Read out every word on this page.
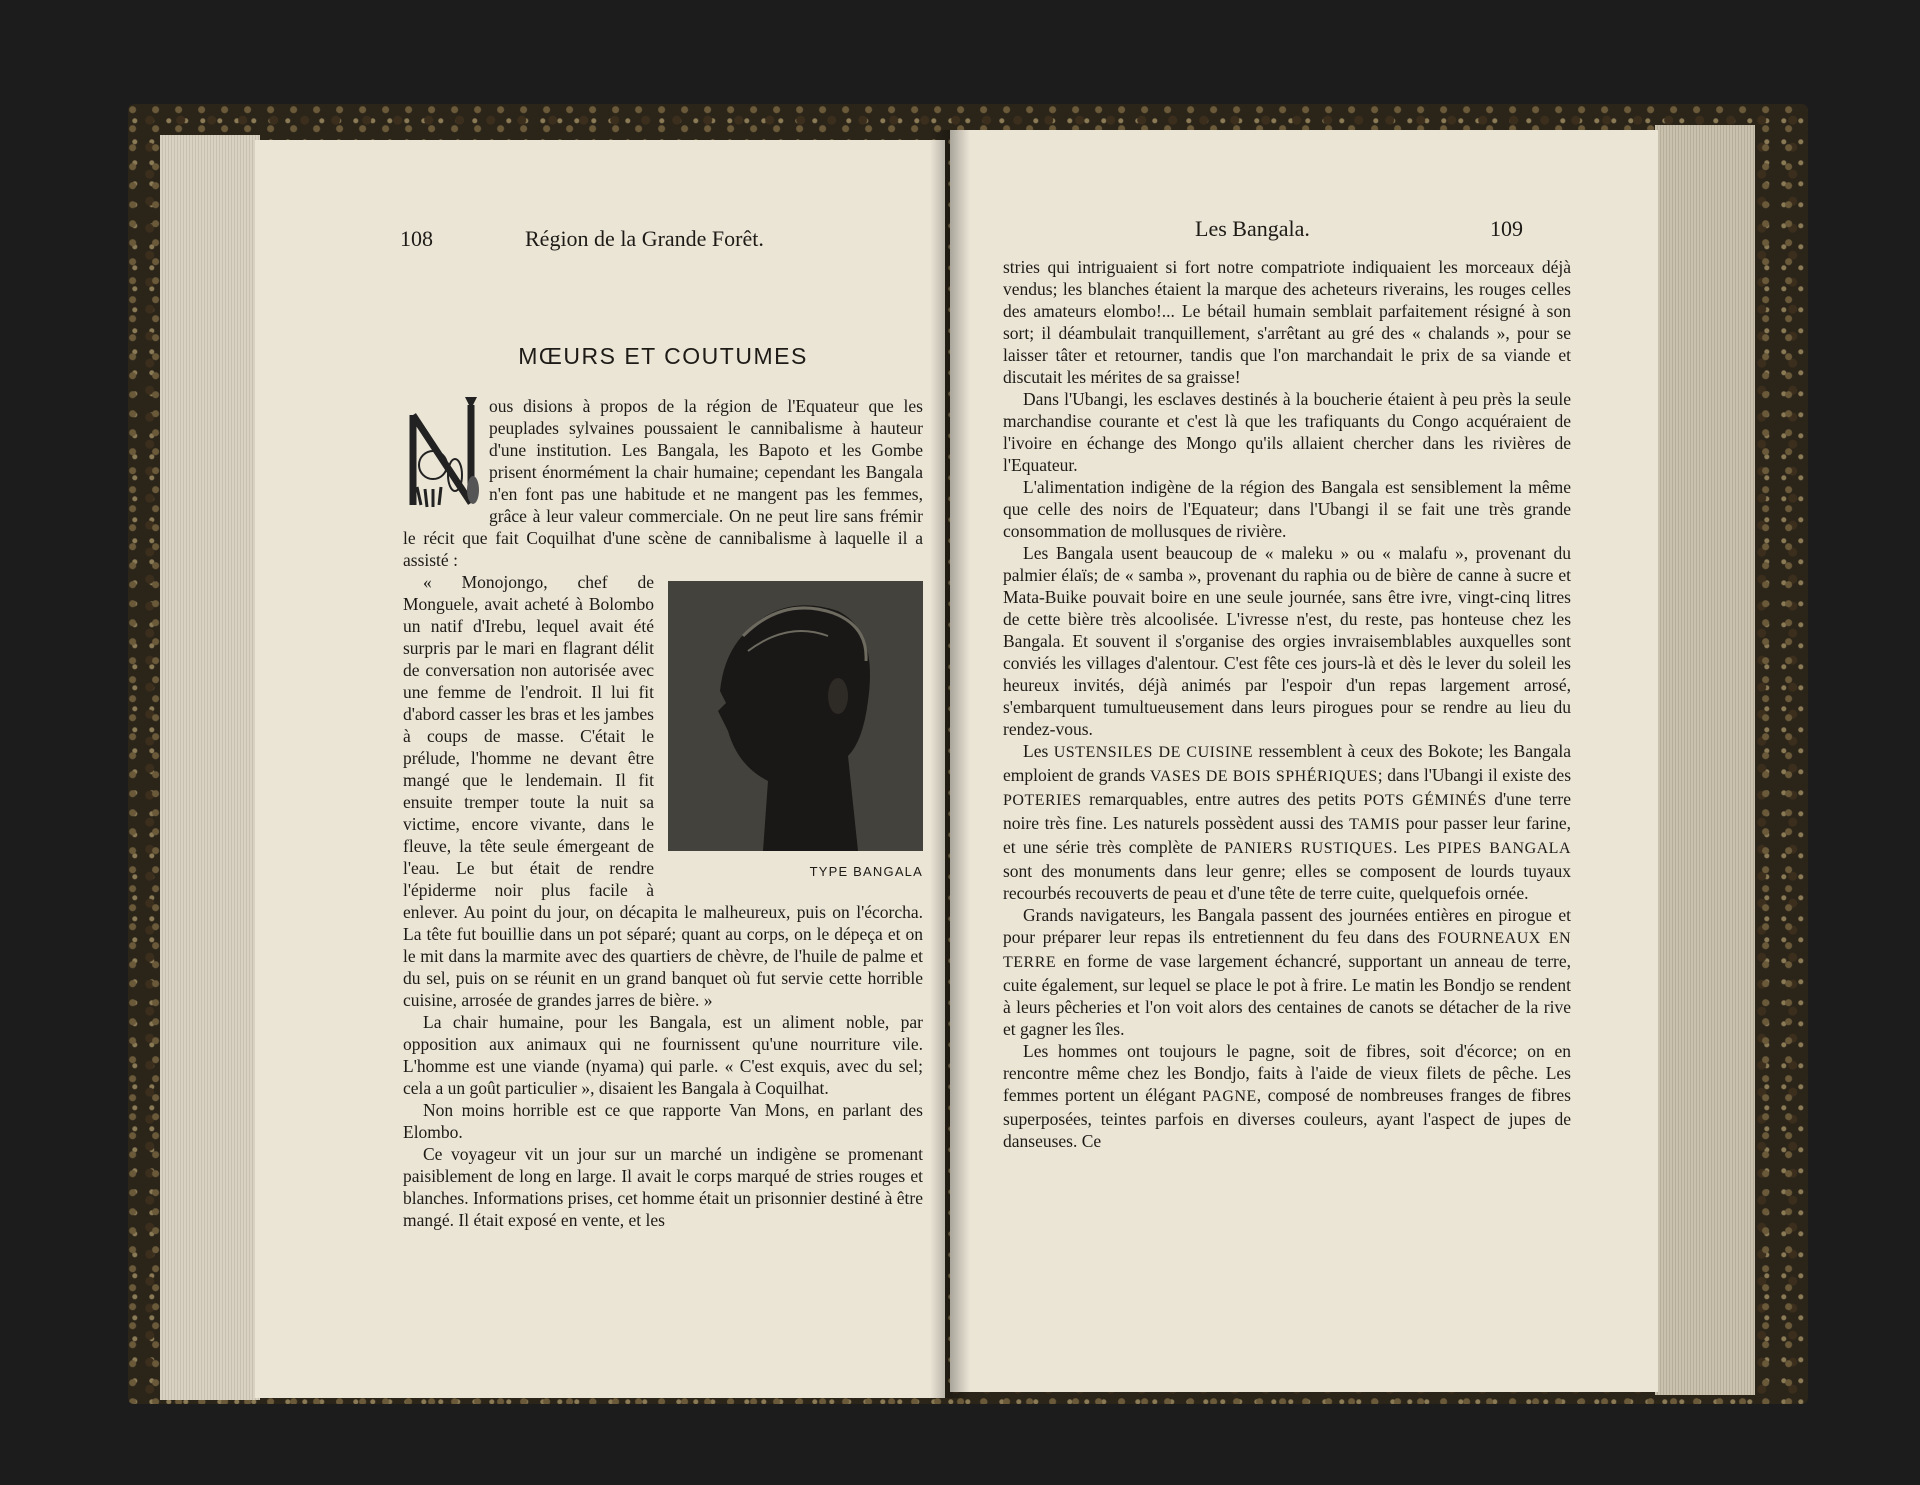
108	Région de la Grande Forêt.
MŒURS ET COUTUMES

ous disions à propos de la région de l'Equateur que les peuplades sylvaines poussaient le cannibalisme à hauteur d'une institution. Les Bangala, les Bapoto et les Gombe prisent énormément la chair humaine; cependant les Bangala n'en font pas une habitude et ne mangent pas les femmes, grâce à leur valeur commerciale. On ne peut lire sans frémir le récit que fait Coquilhat d'une scène de cannibalisme à laquelle il a assisté :

TYPE BANGALA

« Monojongo, chef de Monguele, avait acheté à Bolombo un natif d'Irebu, lequel avait été surpris par le mari en flagrant délit de conversation non autorisée avec une femme de l'endroit. Il lui fit d'abord casser les bras et les jambes à coups de masse. C'était le prélude, l'homme ne devant être mangé que le lendemain. Il fit ensuite tremper toute la nuit sa victime, encore vivante, dans le fleuve, la tête seule émergeant de l'eau. Le but était de rendre l'épiderme noir plus facile à enlever. Au point du jour, on décapita le malheureux, puis on l'écorcha. La tête fut bouillie dans un pot séparé; quant au corps, on le dépeça et on le mit dans la marmite avec des quartiers de chèvre, de l'huile de palme et du sel, puis on se réunit en un grand banquet où fut servie cette horrible cuisine, arrosée de grandes jarres de bière. »

La chair humaine, pour les Bangala, est un aliment noble, par opposition aux animaux qui ne fournissent qu'une nourriture vile. L'homme est une viande (nyama) qui parle. « C'est exquis, avec du sel; cela a un goût particulier », disaient les Bangala à Coquilhat.

Non moins horrible est ce que rapporte Van Mons, en parlant des Elombo.

Ce voyageur vit un jour sur un marché un indigène se promenant paisiblement de long en large. Il avait le corps marqué de stries rouges et blanches. Informations prises, cet homme était un prisonnier destiné à être mangé. Il était exposé en vente, et les

Les Bangala.	109

stries qui intriguaient si fort notre compatriote indiquaient les morceaux déjà vendus; les blanches étaient la marque des acheteurs riverains, les rouges celles des amateurs elombo!... Le bétail humain semblait parfaitement résigné à son sort; il déambulait tranquillement, s'arrêtant au gré des « chalands », pour se laisser tâter et retourner, tandis que l'on marchandait le prix de sa viande et discutait les mérites de sa graisse!

Dans l'Ubangi, les esclaves destinés à la boucherie étaient à peu près la seule marchandise courante et c'est là que les trafiquants du Congo acquéraient de l'ivoire en échange des Mongo qu'ils allaient chercher dans les rivières de l'Equateur.

L'alimentation indigène de la région des Bangala est sensiblement la même que celle des noirs de l'Equateur; dans l'Ubangi il se fait une très grande consommation de mollusques de rivière.

Les Bangala usent beaucoup de « maleku » ou « malafu », provenant du palmier élaïs; de « samba », provenant du raphia ou de bière de canne à sucre et Mata-Buike pouvait boire en une seule journée, sans être ivre, vingt-cinq litres de cette bière très alcoolisée. L'ivresse n'est, du reste, pas honteuse chez les Bangala. Et souvent il s'organise des orgies invraisemblables auxquelles sont conviés les villages d'alentour. C'est fête ces jours-là et dès le lever du soleil les heureux invités, déjà animés par l'espoir d'un repas largement arrosé, s'embarquent tumultueusement dans leurs pirogues pour se rendre au lieu du rendez-vous.

Les USTENSILES DE CUISINE ressemblent à ceux des Bokote; les Bangala emploient de grands VASES DE BOIS SPHÉRIQUES; dans l'Ubangi il existe des POTERIES remarquables, entre autres des petits POTS GÉMINÉS d'une terre noire très fine. Les naturels possèdent aussi des TAMIS pour passer leur farine, et une série très complète de PANIERS RUSTIQUES. Les PIPES BANGALA sont des monuments dans leur genre; elles se composent de lourds tuyaux recourbés recouverts de peau et d'une tête de terre cuite, quelquefois ornée.

Grands navigateurs, les Bangala passent des journées entières en pirogue et pour préparer leur repas ils entretiennent du feu dans des FOURNEAUX EN TERRE en forme de vase largement échancré, supportant un anneau de terre, cuite également, sur lequel se place le pot à frire. Le matin les Bondjo se rendent à leurs pêcheries et l'on voit alors des centaines de canots se détacher de la rive et gagner les îles.

Les hommes ont toujours le pagne, soit de fibres, soit d'écorce; on en rencontre même chez les Bondjo, faits à l'aide de vieux filets de pêche. Les femmes portent un élégant PAGNE, composé de nombreuses franges de fibres superposées, teintes parfois en diverses couleurs, ayant l'aspect de jupes de danseuses. Ce
